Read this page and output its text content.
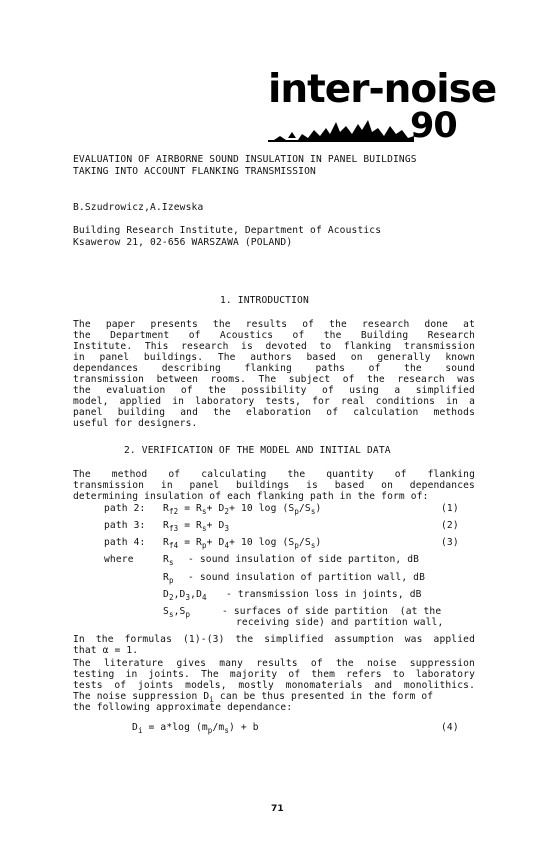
inter-noise
90
EVALUATION OF AIRBORNE SOUND INSULATION IN PANEL BUILDINGS
TAKING INTO ACCOUNT FLANKING TRANSMISSION
B.Szudrowicz,A.Izewska
Building Research Institute, Department of Acoustics
Ksawerow 21, 02-656 WARSZAWA (POLAND)
1. INTRODUCTION
The paper presents the results of the research done at
the Department of Acoustics of the Building Research
Institute. This research is devoted to flanking transmission
in panel buildings. The authors based on generally known
dependances describing flanking paths of the sound
transmission between rooms. The subject of the research was
the evaluation of the possibility of using a simplified
model, applied in laboratory tests, for real conditions in a
panel building and the elaboration of calculation methods
useful for designers.
2. VERIFICATION OF THE MODEL AND INITIAL DATA
The method of calculating the quantity of flanking
transmission in panel buildings is based on dependances
determining insulation of each flanking path in the form of:
path 2: $R_{f2} = R_s+ D_2+ 10$ $\log (S_p/S_s)$	(1)
path 3: $R_{f3} = R_s+ D_3$	(2)
path 4: $R_{f4} = R_p+ D_4+ 10$ $\log (S_p/S_s)$	(3)
where	$R_s$ - sound insulation of side partiton, dB
$R_p$ - sound insulation of partition wall, dB
$D_2,D_3,D_4$ - transmission loss in joints, dB
$S_s,S_p$	- surfaces of side partition  (at the
receiving side) and partition wall,
In the formulas (1)-(3) the simplified assumption was applied
that α = 1.
The literature gives many results of the noise suppression
testing in joints. The majority of them refers to laboratory
tests of joints models, mostly monomaterials and monolithics.
The noise suppression $D_i$ can be thus presented in the form of
the following approximate dependance:
$D_i = a*\log$ $(m_p/m_s) + b$	(4)
71
